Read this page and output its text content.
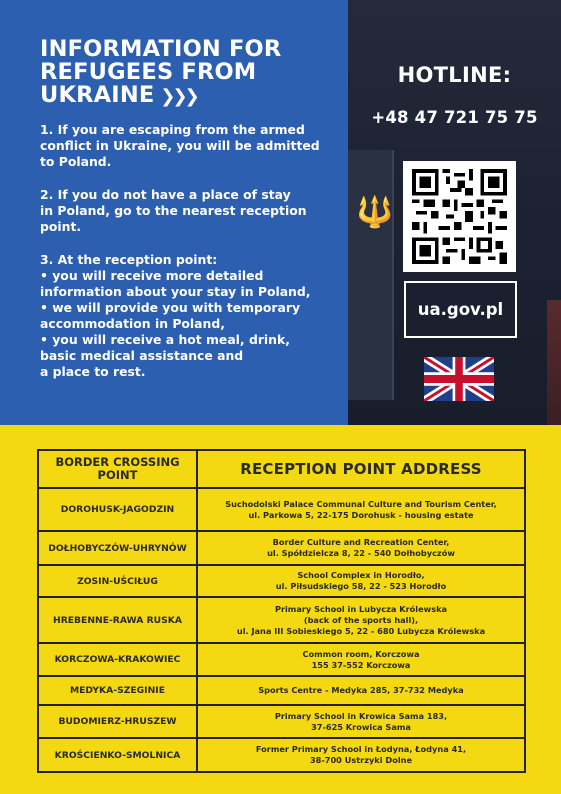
INFORMATION FOR
REFUGEES FROM
UKRAINE ❯❯❯
1. If you are escaping from the armed
conflict in Ukraine, you will be admitted
to Poland.
2. If you do not have a place of stay
in Poland, go to the nearest reception
point.
3. At the reception point:
• you will receive more detailed
information about your stay in Poland,
• we will provide you with temporary
accommodation in Poland,
• you will receive a hot meal, drink,
basic medical assistance and
a place to rest.
🔱
HOTLINE:
+48 47 721 75 75
ua.gov.pl
BORDER CROSSING
POINT	RECEPTION POINT ADDRESS
DOROHUSK-JAGODZIN	Suchodolski Palace Communal Culture and Tourism Center,
ul. Parkowa 5, 22-175 Dorohusk - housing estate

DOŁHOBYCZÓW-UHRYNÓW	Border Culture and Recreation Center,
ul. Spółdzielcza 8, 22 - 540 Dołhobyczów

ZOSIN-UŚCIŁUG	School Complex in Horodło,
ul. Piłsudskiego 58, 22 - 523 Horodło

HREBENNE-RAWA RUSKA	Primary School in Lubycza Królewska
(back of the sports hall),
ul. Jana III Sobieskiego 5, 22 - 680 Lubycza Królewska

KORCZOWA-KRAKOWIEC	Common room, Korczowa
155 37-552 Korczowa

MEDYKA-SZEGINIE	Sports Centre - Medyka 285, 37-732 Medyka

BUDOMIERZ-HRUSZEW	Primary School in Krowica Sama 183,
37-625 Krowica Sama

KROŚCIENKO-SMOLNICA	Former Primary School in Łodyna, Łodyna 41,
38-700 Ustrzyki Dolne
